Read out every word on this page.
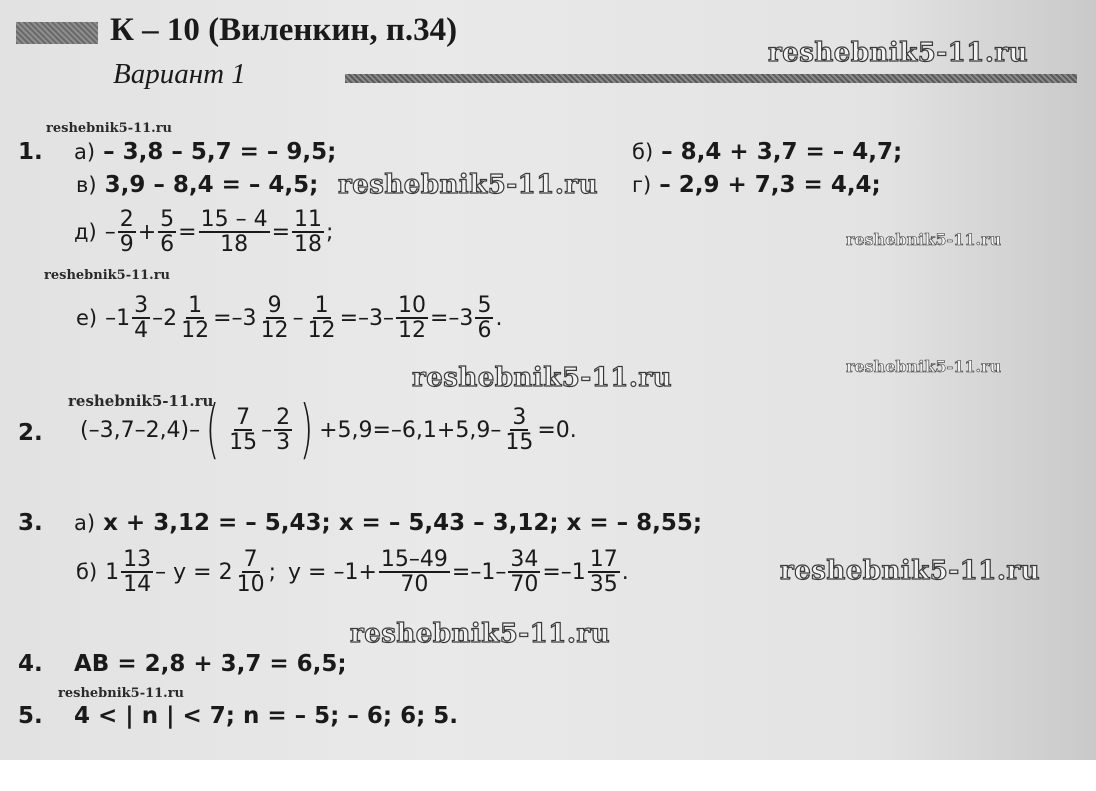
К – 10 (Виленкин, п.34)
Вариант 1
reshebnik5-11.ru
reshebnik5-11.ru
reshebnik5-11.ru
reshebnik5-11.ru
reshebnik5-11.ru
reshebnik5-11.ru	reshebnik5-11.ru
reshebnik5-11.ru
reshebnik5-11.ru
reshebnik5-11.ru
reshebnik5-11.ru
1. а) – 3,8 – 5,7 = – 9,5;	б) – 8,4 + 3,7 = – 4,7;
в) 3,9 – 8,4 = – 4,5;	г) – 2,9 + 7,3 = 4,4;
$д) - \frac{2}{9} + \frac{5}{6} = \frac{15 - 4}{18} = \frac{11}{18}$ ;
е) $-1 \frac{3}{4} -2 \frac{1}{12} =-3 \frac{9}{12} - \frac{1}{12} =-3- \frac{10}{12} =-3 \frac{5}{6}$ .
2. (–3,7–2,4)– ( $\frac{7}{15} - \frac{2}{3}$ ) $+5,9=-6,1+5,9- \frac{3}{15} =0$.
3. а) x + 3,12 = – 5,43; x = – 5,43 – 3,12; x = – 8,55;
б) $1 \frac{13}{14} - y = 2 \frac{7}{10}$ ; $y = -1+ \frac{15-49}{70} =-1- \frac{34}{70} =-1 \frac{17}{35}$ .
4. AB = 2,8 + 3,7 = 6,5;
5. 4 < | n | < 7; n = – 5; – 6; 6; 5.
